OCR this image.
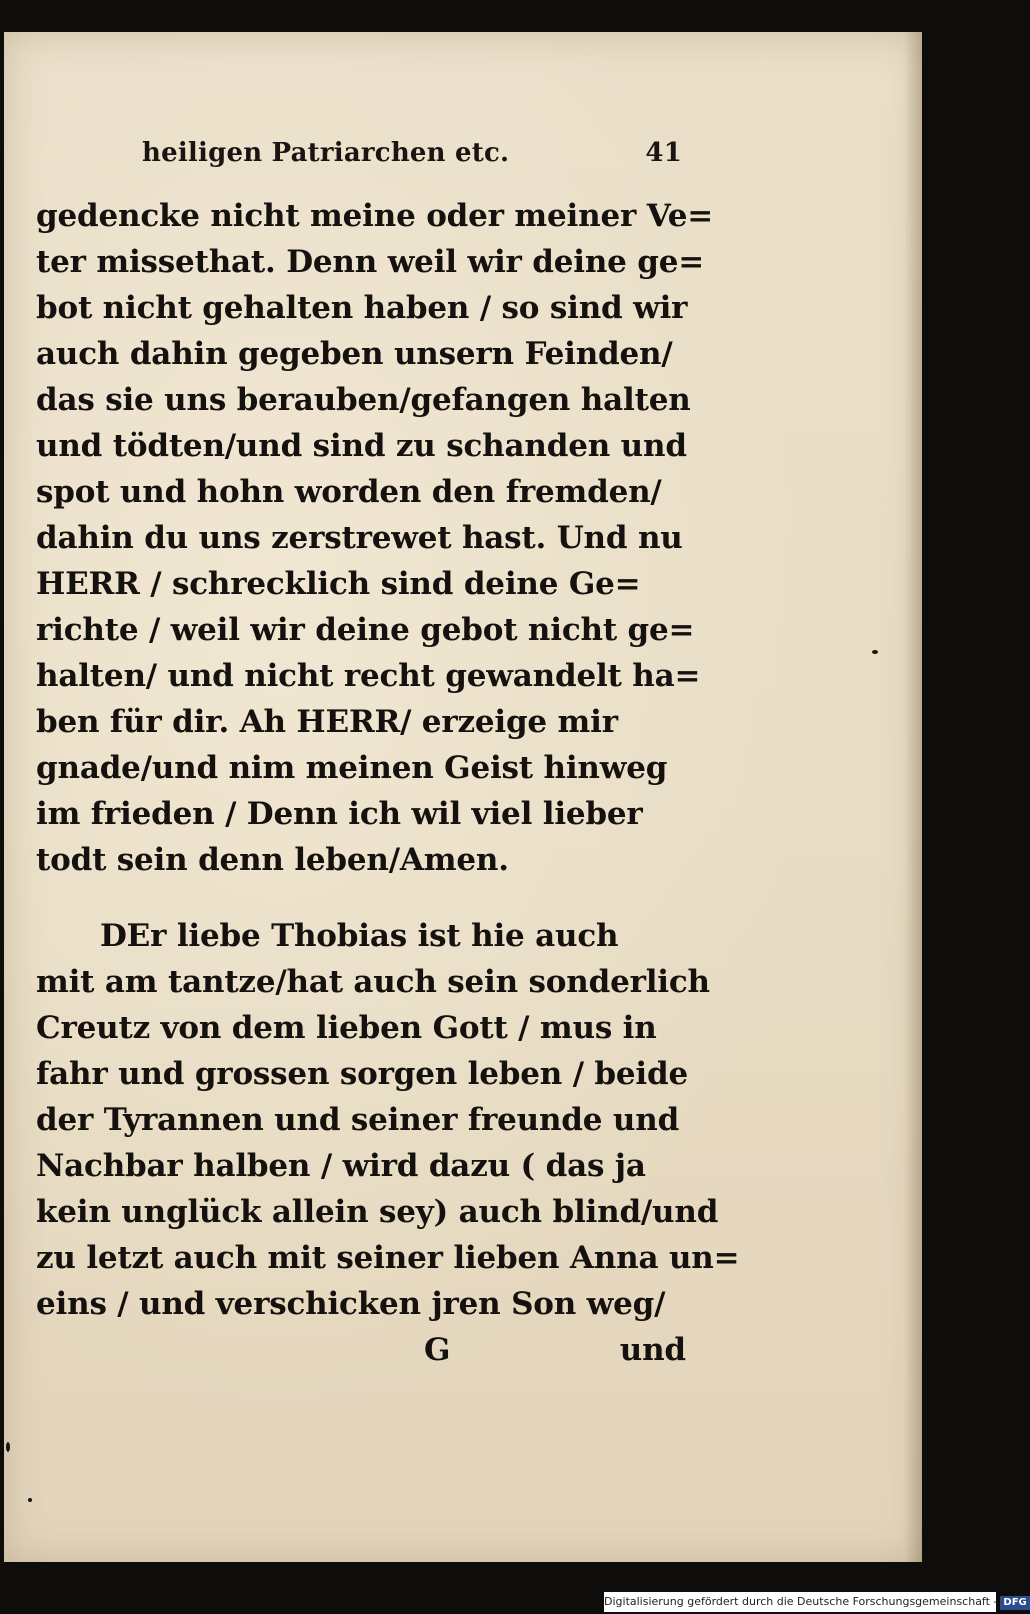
heiligen Patriarchen etc.	41
gedencke nicht meine oder meiner Ve=
ter missethat. Denn weil wir deine ge=
bot nicht gehalten haben / so sind wir
auch dahin gegeben unsern Feinden/
das sie uns berauben/gefangen halten
und tödten/und sind zu schanden und
spot und hohn worden den fremden/
dahin du uns zerstrewet hast. Und nu
HERR / schrecklich sind deine Ge=
richte / weil wir deine gebot nicht ge=
halten/ und nicht recht gewandelt ha=
ben für dir. Ah HERR/ erzeige mir
gnade/und nim meinen Geist hinweg
im frieden / Denn ich wil viel lieber
todt sein denn leben/Amen.
DEr liebe Thobias ist hie auch
mit am tantze/hat auch sein sonderlich
Creutz von dem lieben Gott / mus in
fahr und grossen sorgen leben / beide
der Tyrannen und seiner freunde und
Nachbar halben / wird dazu ( das ja
kein unglück allein sey) auch blind/und
zu letzt auch mit seiner lieben Anna un=
eins / und verschicken jren Son weg/
G                und
Digitalisierung gefördert durch die Deutsche Forschungsgemeinschaft - DFG
